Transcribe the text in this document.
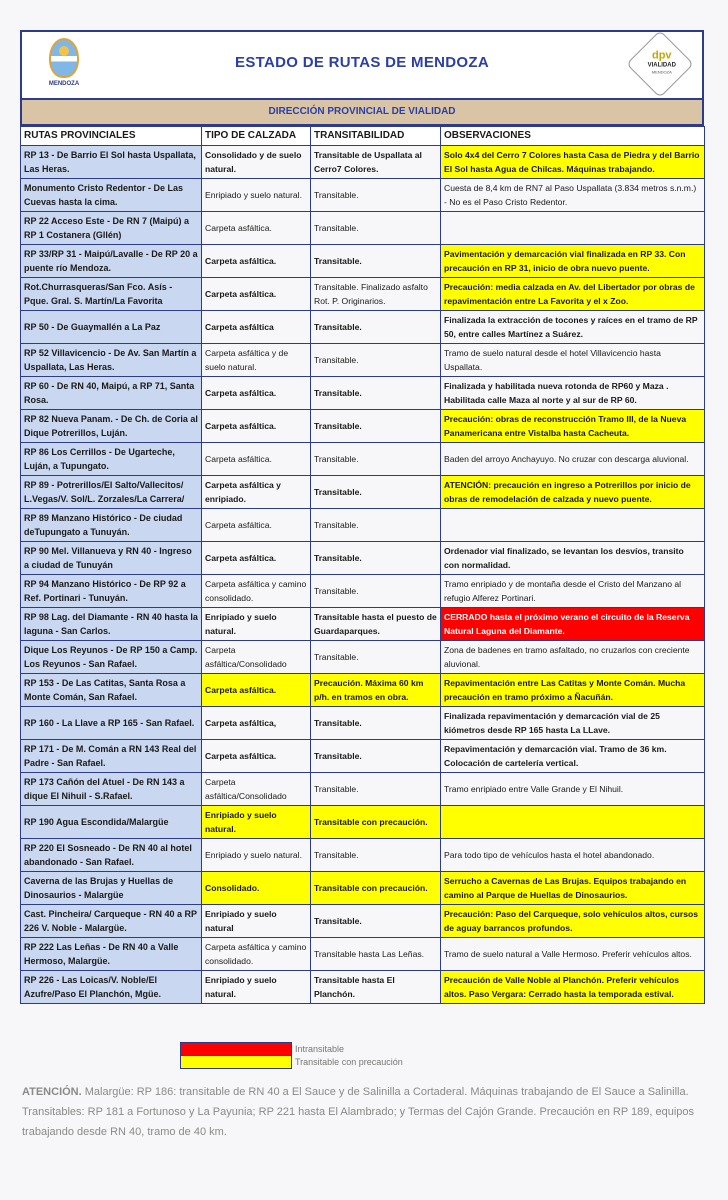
MENDOZA
ESTADO DE RUTAS DE MENDOZA	dpv
VIALIDAD
MENDOZA
DIRECCIÓN PROVINCIAL DE VIALIDAD
RUTAS PROVINCIALES	TIPO DE CALZADA	TRANSITABILIDAD	OBSERVACIONES
RP 13 - De Barrio El Sol hasta Uspallata, Las Heras.	Consolidado y de suelo natural.	Transitable de Uspallata al Cerro7 Colores.	Solo 4x4 del Cerro 7 Colores hasta Casa de Piedra y del Barrio El Sol hasta Agua de Chilcas. Máquinas trabajando.
Monumento Cristo Redentor - De Las Cuevas hasta la cima.	Enripiado y suelo natural.	Transitable.	Cuesta de 8,4 km de RN7 al Paso Uspallata (3.834 metros s.n.m.) - No es el Paso Cristo Redentor.
RP 22 Acceso Este - De RN 7 (Maipú) a RP 1 Costanera (Gllén)	Carpeta asfáltica.	Transitable.	
RP 33/RP 31 - Maipú/Lavalle - De RP 20 a puente río Mendoza.	Carpeta asfáltica.	Transitable.	Pavimentación y demarcación vial finalizada en RP 33. Con precaución en RP 31, inicio de obra nuevo puente.
Rot.Churrasqueras/San Fco. Asís - Pque. Gral. S. Martín/La Favorita	Carpeta asfáltica.	Transitable. Finalizado asfalto Rot. P. Originarios.	Precaución: media calzada en Av. del Libertador por obras de repavimentación entre La Favorita y el x Zoo.
RP 50 - De Guaymallén a La Paz	Carpeta asfáltica	Transitable.	Finalizada la extracción de tocones y raíces en el tramo de RP 50, entre calles Martínez a Suárez.
RP 52 Villavicencio - De Av. San Martín a Uspallata, Las Heras.	Carpeta asfáltica y de suelo natural.	Transitable.	Tramo de suelo natural desde el hotel Villavicencio hasta Uspallata.
RP 60 - De RN 40, Maipú, a RP 71, Santa Rosa.	Carpeta asfáltica.	Transitable.	Finalizada y habilitada nueva rotonda de RP60 y Maza . Habilitada calle Maza al norte y al sur de RP 60.
RP 82 Nueva Panam. - De Ch. de Coria al Dique Potrerillos, Luján.	Carpeta asfáltica.	Transitable.	Precaución: obras de reconstrucción Tramo III, de la Nueva Panamericana entre Vistalba hasta Cacheuta.
RP 86 Los Cerrillos - De Ugarteche, Luján, a Tupungato.	Carpeta asfáltica.	Transitable.	Baden del arroyo Anchayuyo. No cruzar con descarga aluvional.
RP 89 - Potrerillos/El Salto/Vallecitos/ L.Vegas/V. Sol/L. Zorzales/La Carrera/	Carpeta asfáltica y enripiado.	Transitable.	ATENCIÓN: precaución en ingreso a Potrerillos por inicio de obras de remodelación de calzada y nuevo puente.
RP 89 Manzano Histórico - De ciudad deTupungato a Tunuyán.	Carpeta asfáltica.	Transitable.	
RP 90 Mel. Villanueva y RN 40 - Ingreso a ciudad de Tunuyán	Carpeta asfáltica.	Transitable.	Ordenador vial finalizado, se levantan los desvíos, transito con normalidad.
RP 94 Manzano Histórico - De RP 92 a Ref. Portinari - Tunuyán.	Carpeta asfáltica y camino consolidado.	Transitable.	Tramo enripiado y de montaña desde el Cristo del Manzano al refugio Alferez Portinari.
RP 98 Lag. del Diamante - RN 40 hasta la laguna - San Carlos.	Enripiado y suelo natural.	Transitable hasta el puesto de Guardaparques.	CERRADO hasta el próximo verano el circuito de la Reserva Natural Laguna del Diamante.
Dique Los Reyunos - De RP 150 a Camp. Los Reyunos - San Rafael.	Carpeta asfáltica/Consolidado	Transitable.	Zona de badenes en tramo asfaltado, no cruzarlos con creciente aluvional.
RP 153 - De Las Catitas, Santa Rosa a Monte Comán, San Rafael.	Carpeta asfáltica.	Precaución. Máxima 60 km p/h. en tramos en obra.	Repavimentación entre Las Catitas y Monte Comán. Mucha precaución en tramo próximo a Ñacuñán.
RP 160 - La Llave a RP 165 - San Rafael.	Carpeta asfáltica,	Transitable.	Finalizada repavimentación y demarcación vial de 25 kiómetros desde RP 165 hasta La LLave.
RP 171 - De M. Comán a RN 143 Real del Padre - San Rafael.	Carpeta asfáltica.	Transitable.	Repavimentación y demarcación vial. Tramo de 36 km. Colocación de cartelería vertical.
RP 173 Cañón del Atuel - De RN 143 a dique El Nihuil - S.Rafael.	Carpeta asfáltica/Consolidado	Transitable.	Tramo enripiado entre Valle Grande y El Nihuil.
RP 190 Agua Escondida/Malargüe	Enripiado y suelo natural.	Transitable con precaución.	
RP 220 El Sosneado - De RN 40 al hotel abandonado - San Rafael.	Enripiado y suelo natural.	Transitable.	Para todo tipo de vehículos hasta el hotel abandonado.
Caverna de las Brujas y Huellas de Dinosaurios - Malargüe	Consolidado.	Transitable con precaución.	Serrucho a Cavernas de Las Brujas. Equipos trabajando en camino al Parque de Huellas de Dinosaurios.
Cast. Pincheira/ Carqueque - RN 40 a RP 226 V. Noble - Malargüe.	Enripiado y suelo natural	Transitable.	Precaución: Paso del Carqueque, solo vehículos altos, cursos de aguay barrancos profundos.
RP 222 Las Leñas - De RN 40 a Valle Hermoso, Malargüe.	Carpeta asfáltica y camino consolidado.	Transitable hasta Las Leñas.	Tramo de suelo natural a Valle Hermoso. Preferir vehículos altos.
RP 226 - Las Loicas/V. Noble/El Azufre/Paso El Planchón, Mgüe.	Enripiado y suelo natural.	Transitable hasta El Planchón.	Precaución de Valle Noble al Planchón. Preferir vehículos altos. Paso Vergara: Cerrado hasta la temporada estival.
Intransitable
Transitable con precaución
ATENCIÓN. Malargüe: RP 186: transitable de RN 40 a El Sauce y de Salinilla a Cortaderal. Máquinas trabajando de El Sauce a Salinilla. Transitables: RP 181 a Fortunoso y La Payunia; RP 221 hasta El Alambrado; y Termas del Cajón Grande. Precaución en RP 189, equipos trabajando desde RN 40, tramo de 40 km.
